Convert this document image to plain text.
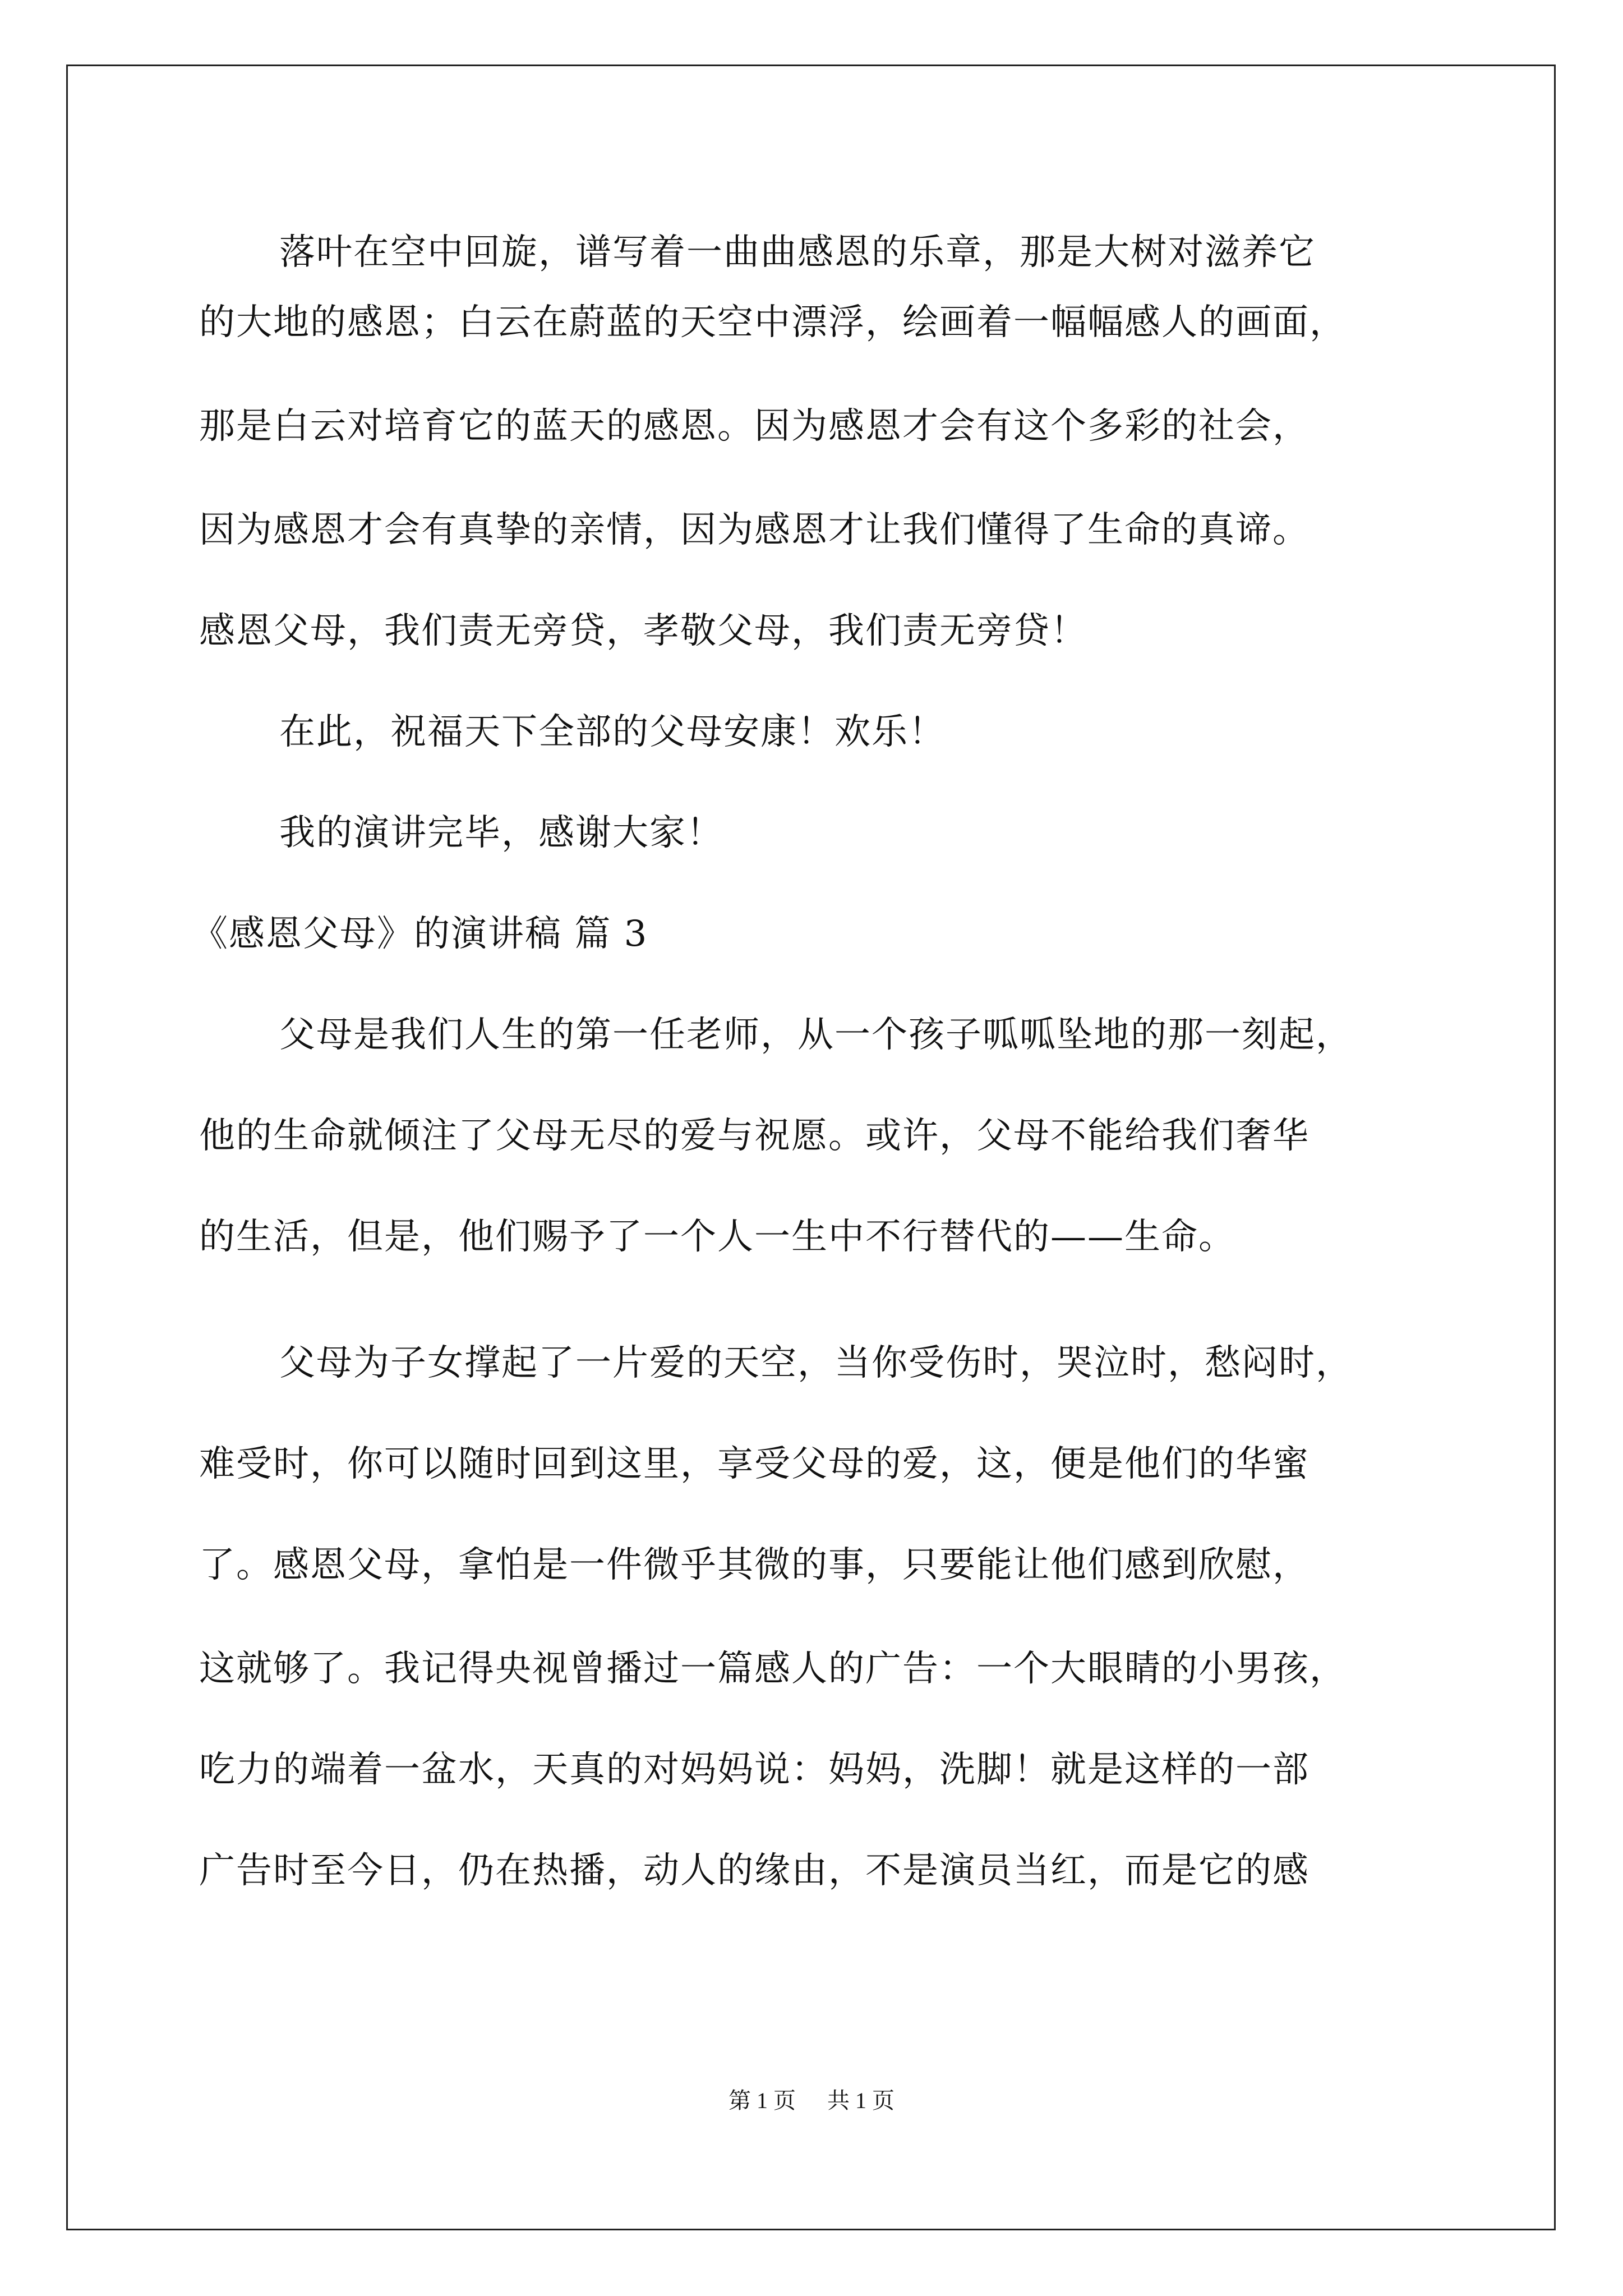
落叶在空中回旋，谱写着一曲曲感恩的乐章，那是大树对滋养它
的大地的感恩；白云在蔚蓝的天空中漂浮，绘画着一幅幅感人的画面，
那是白云对培育它的蓝天的感恩。因为感恩才会有这个多彩的社会，
因为感恩才会有真挚的亲情，因为感恩才让我们懂得了生命的真谛。
感恩父母，我们责无旁贷，孝敬父母，我们责无旁贷！
在此，祝福天下全部的父母安康！欢乐！
我的演讲完毕，感谢大家！
《感恩父母》的演讲稿 篇 3
父母是我们人生的第一任老师，从一个孩子呱呱坠地的那一刻起，
他的生命就倾注了父母无尽的爱与祝愿。或许，父母不能给我们奢华
的生活，但是，他们赐予了一个人一生中不行替代的——生命。
父母为子女撑起了一片爱的天空，当你受伤时，哭泣时，愁闷时，
难受时，你可以随时回到这里，享受父母的爱，这，便是他们的华蜜
了。感恩父母，拿怕是一件微乎其微的事，只要能让他们感到欣慰，
这就够了。我记得央视曾播过一篇感人的广告：一个大眼睛的小男孩，
吃力的端着一盆水，天真的对妈妈说：妈妈，洗脚！就是这样的一部
广告时至今日，仍在热播，动人的缘由，不是演员当红，而是它的感
第 1 页 共 1 页
